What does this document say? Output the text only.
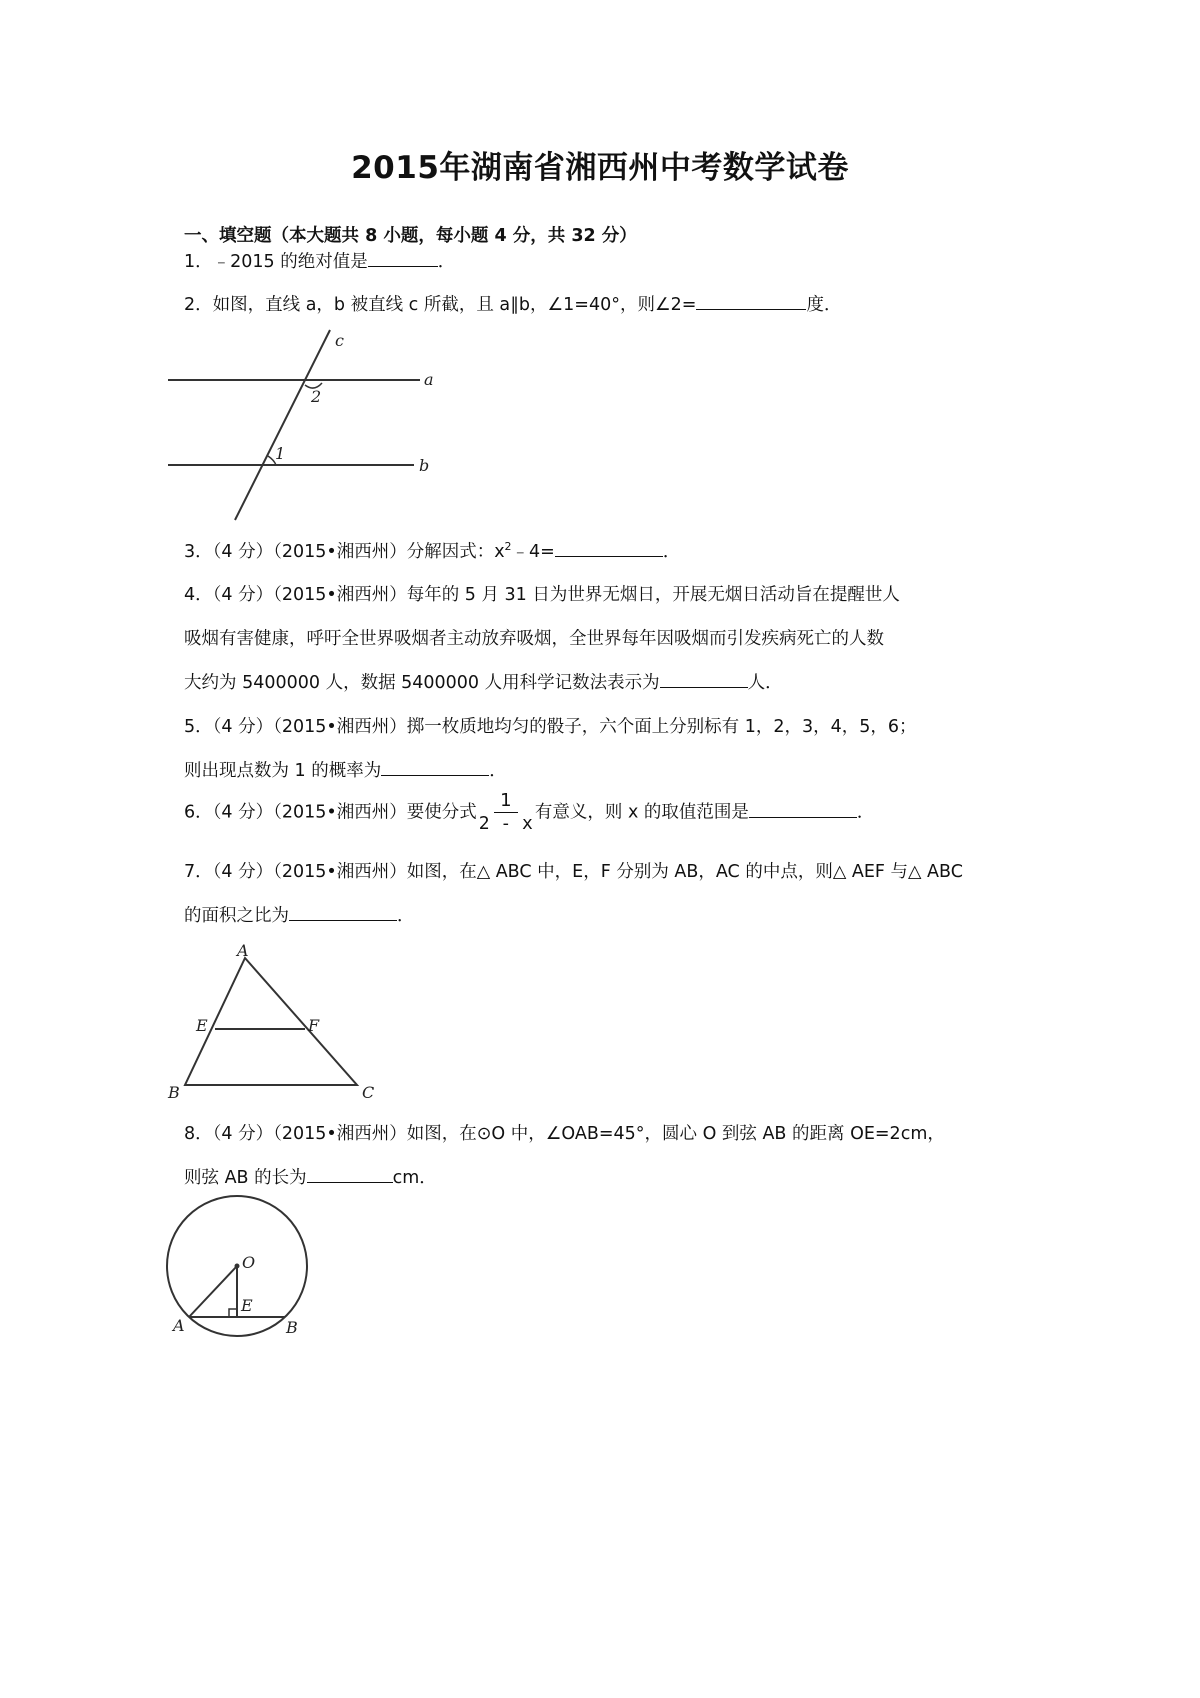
2015年湖南省湘西州中考数学试卷
一、填空题（本大题共 8 小题，每小题 4 分，共 32 分）
1．﹣2015 的绝对值是	．
2．如图，直线 a，b 被直线 c 所截，且 a∥b，∠1=40°，则∠2=	度．
c
a
b
2
1
3．（4 分）（2015•湘西州）分解因式：$x^2﹣4=$	．
4．（4 分）（2015•湘西州）每年的 5 月 31 日为世界无烟日，开展无烟日活动旨在提醒世人
吸烟有害健康，呼吁全世界吸烟者主动放弃吸烟，全世界每年因吸烟而引发疾病死亡的人数
大约为 5400000 人，数据 5400000 人用科学记数法表示为	人．
5．（4 分）（2015•湘西州）掷一枚质地均匀的骰子，六个面上分别标有 1，2，3，4，5，6；
则出现点数为 1 的概率为	．
6．（4 分）（2015•湘西州）要使分式 $\frac{1}{2 - x}$ 有意义，则 x 的取值范围是	．
7．（4 分）（2015•湘西州）如图，在△ ABC 中，E，F 分别为 AB，AC 的中点，则△ AEF 与△ ABC
的面积之比为	．
A
E	F
B	C
8．（4 分）（2015•湘西州）如图，在⊙O 中，∠OAB=45°，圆心 O 到弦 AB 的距离 OE=2cm，
则弦 AB 的长为	cm．
O
E
A	B
